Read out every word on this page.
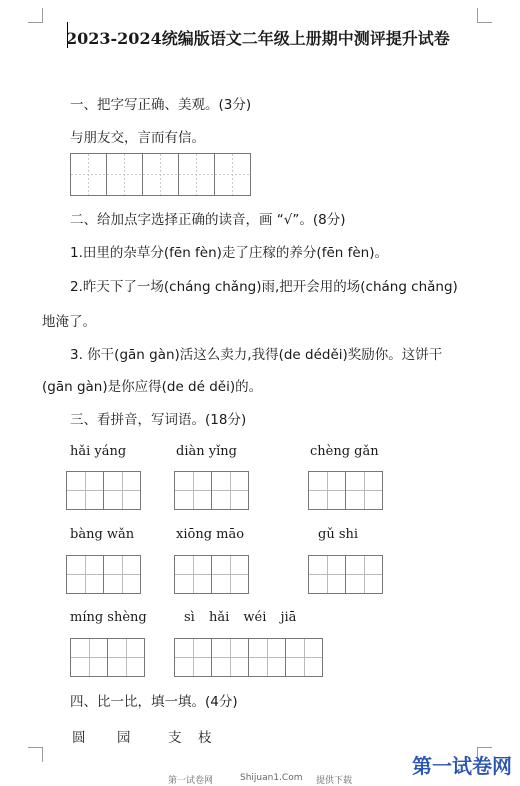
2023-2024统编版语文二年级上册期中测评提升试卷
一、把字写正确、美观。(3分)
与朋友交，言而有信。
二、给加点字选择正确的读音，画 “√”。(8分)
1.田里的杂草分(fēn fèn)走了庄稼的养分(fēn fèn)。
2.昨天下了一场(cháng chǎng)雨,把开会用的场(cháng chǎng)
地淹了。
3. 你干(gān gàn)活这么卖力,我得(de déděi)奖励你。这饼干
(gān gàn)是你应得(de dé děi)的。
三、看拼音，写词语。(18分)
hǎi yáng	diàn yǐng	chèng gǎn
bàng wǎn	xiōng māo	gǔ shi
míng shèng	sì hǎi wéi jiā
四、比一比，填一填。(4分)
圆 园	支 枝
第一试卷网	Shijuan1.Com 提供下载
第一试卷网
